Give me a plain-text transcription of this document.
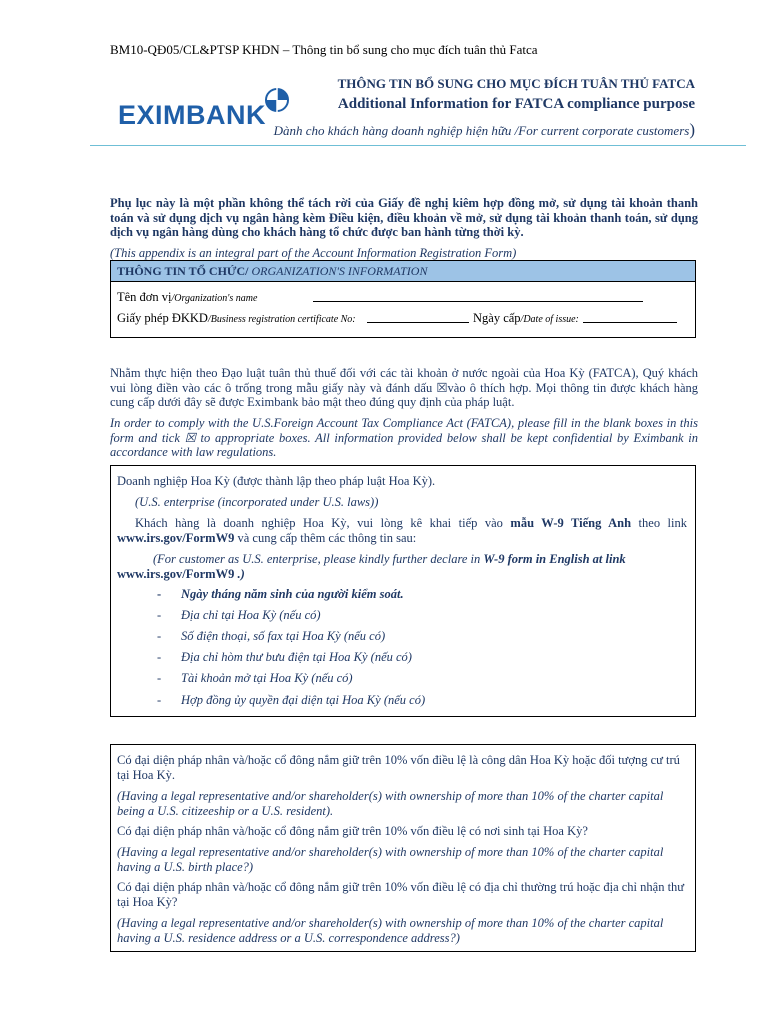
BM10-QĐ05/CL&PTSP KHDN – Thông tin bổ sung cho mục đích tuân thủ Fatca
EXIMBANK
THÔNG TIN BỔ SUNG CHO MỤC ĐÍCH TUÂN THỦ FATCA
Additional Information for FATCA compliance purpose
Dành cho khách hàng doanh nghiệp hiện hữu /For current corporate customers)
Phụ lục này là một phần không thể tách rời của Giấy đề nghị kiêm hợp đồng mở, sử dụng tài khoản thanh toán và sử dụng dịch vụ ngân hàng kèm Điều kiện, điều khoản về mở, sử dụng tài khoản thanh toán, sử dụng dịch vụ ngân hàng dùng cho khách hàng tổ chức được ban hành từng thời kỳ.
(This appendix is an integral part of the Account Information Registration Form)
THÔNG TIN TỔ CHỨC/ ORGANIZATION'S INFORMATION
Tên đơn vị/Organization's name
Giấy phép ĐKKD/Business registration certificate No:	Ngày cấp/Date of issue:
Nhằm thực hiện theo Đạo luật tuân thủ thuế đối với các tài khoản ở nước ngoài của Hoa Kỳ (FATCA), Quý khách vui lòng điền vào các ô trống trong mẫu giấy này và đánh dấu ☒vào ô thích hợp. Mọi thông tin được khách hàng cung cấp dưới đây sẽ được Eximbank bảo mật theo đúng quy định của pháp luật.
In order to comply with the U.S.Foreign Account Tax Compliance Act (FATCA), please fill in the blank boxes in this form and tick ☒ to appropriate boxes. All information provided below shall be kept confidential by Eximbank in accordance with law regulations.
Doanh nghiệp Hoa Kỳ (được thành lập theo pháp luật Hoa Kỳ).
(U.S. enterprise (incorporated under U.S. laws))
Khách hàng là doanh nghiệp Hoa Kỳ, vui lòng kê khai tiếp vào mẫu W-9 Tiếng Anh theo link www.irs.gov/FormW9 và cung cấp thêm các thông tin sau:
(For customer as U.S. enterprise, please kindly further declare in W-9 form in English at link
www.irs.gov/FormW9 .)
- Ngày tháng năm sinh của người kiểm soát.
- Địa chỉ tại Hoa Kỳ (nếu có)
- Số điện thoại, số fax tại Hoa Kỳ (nếu có)
- Địa chỉ hòm thư bưu điện tại Hoa Kỳ (nếu có)
- Tài khoản mở tại Hoa Kỳ (nếu có)
- Hợp đồng ủy quyền đại diện tại Hoa Kỳ (nếu có)
Có đại diện pháp nhân và/hoặc cổ đông nắm giữ trên 10% vốn điều lệ là công dân Hoa Kỳ hoặc đối tượng cư trú tại Hoa Kỳ.
(Having a legal representative and/or shareholder(s) with ownership of more than 10% of the charter capital being a U.S. citizeeship or a U.S. resident).
Có đại diện pháp nhân và/hoặc cổ đông nắm giữ trên 10% vốn điều lệ có nơi sinh tại Hoa Kỳ?
(Having a legal representative and/or shareholder(s) with ownership of more than 10% of the charter capital having a U.S. birth place?)
Có đại diện pháp nhân và/hoặc cổ đông nắm giữ trên 10% vốn điều lệ có địa chỉ thường trú hoặc địa chỉ nhận thư tại Hoa Kỳ?
(Having a legal representative and/or shareholder(s) with ownership of more than 10% of the charter capital having a U.S. residence address or a U.S. correspondence address?)
